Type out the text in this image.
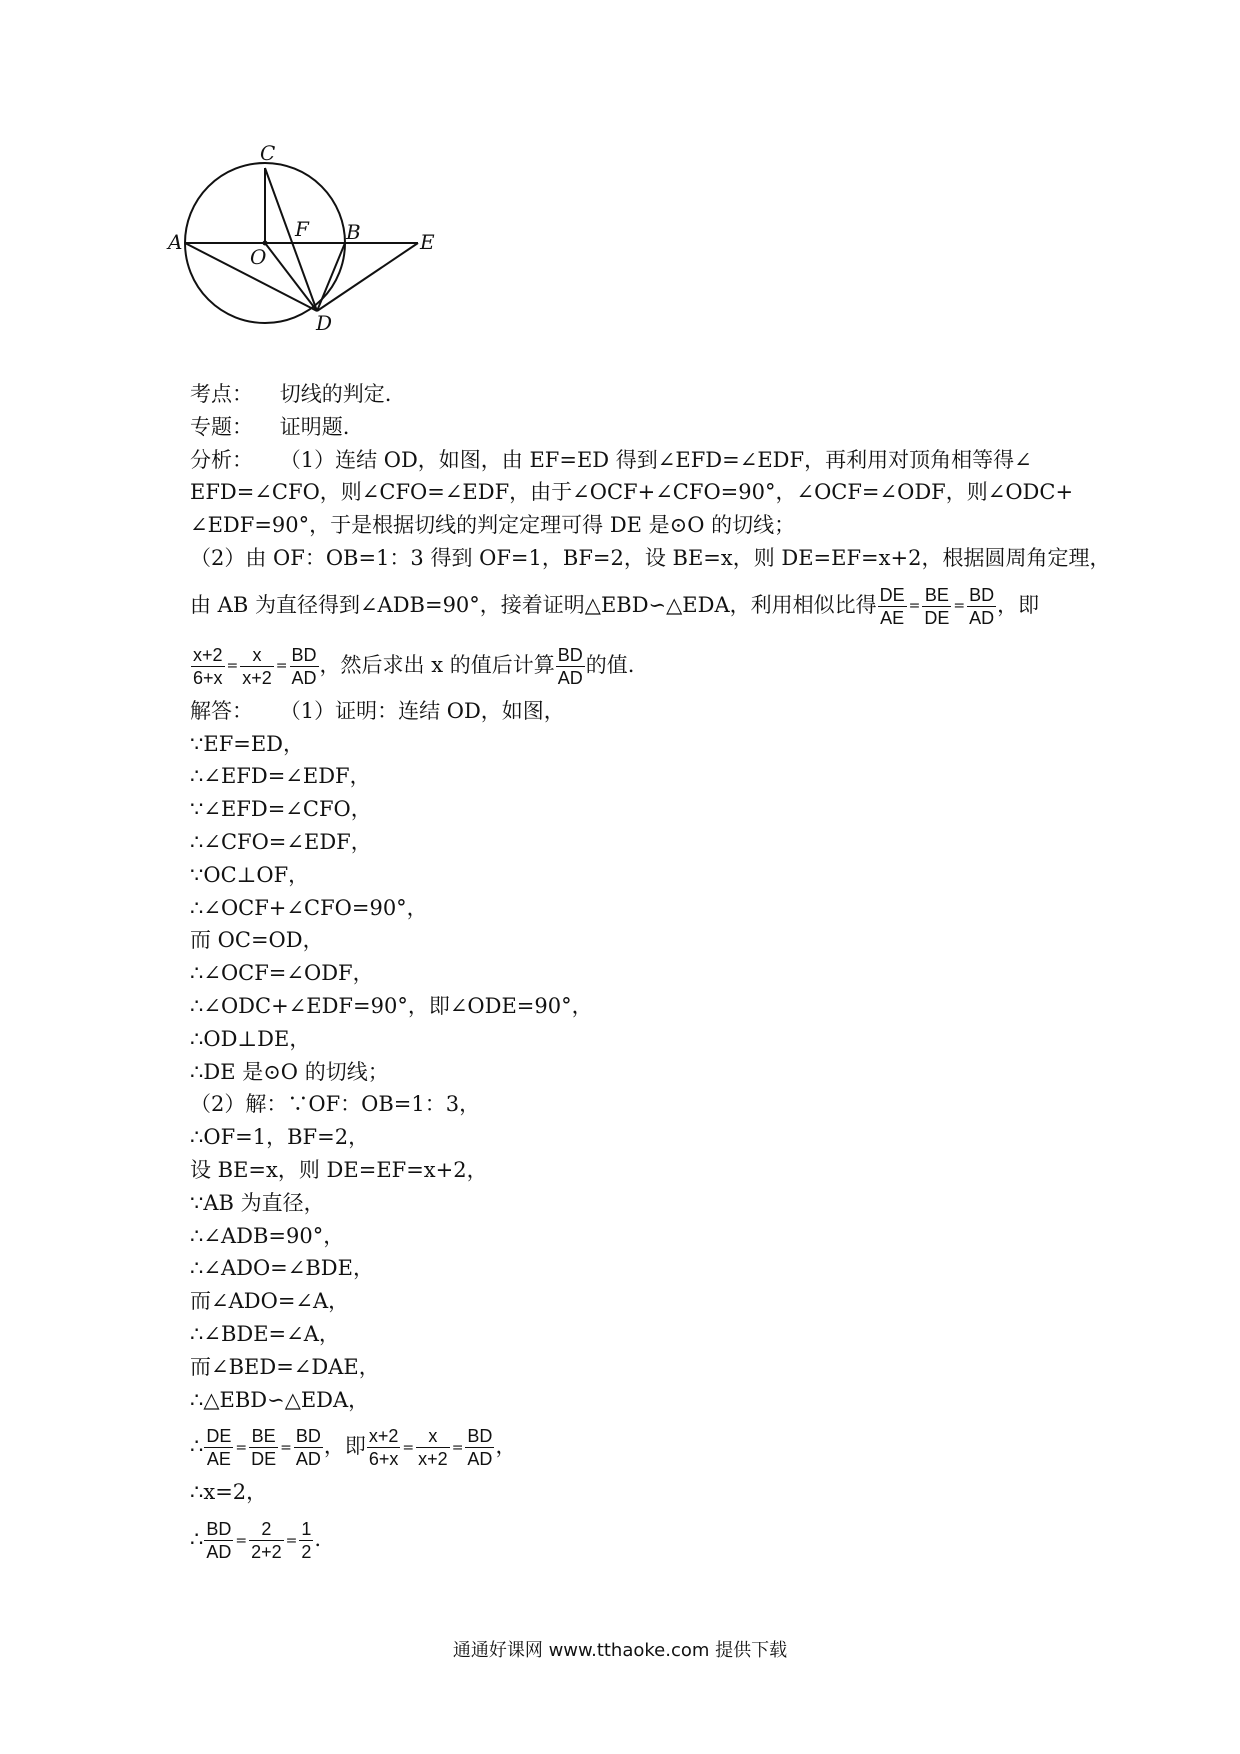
C
A
O
F B	E
D
考点： 切线的判定.
专题： 证明题.
分析： （1）连结 OD，如图，由 EF=ED 得到∠EFD=∠EDF，再利用对顶角相等得∠
EFD=∠CFO，则∠CFO=∠EDF，由于∠OCF+∠CFO=90°，∠OCF=∠ODF，则∠ODC+
∠EDF=90°，于是根据切线的判定定理可得 DE 是⊙O 的切线；
（2）由 OF：OB=1：3 得到 OF=1，BF=2，设 BE=x，则 DE=EF=x+2，根据圆周角定理，
由 AB 为直径得到∠ADB=90°，接着证明△EBD∽△EDA，利用相似比得 $\frac{DE}{AE} = \frac{BE}{DE} = \frac{BD}{AD}$ ，即
$\frac{x+2}{6+x} = \frac{x}{x+2} = \frac{BD}{AD}$ ，然后求出 x 的值后计算 $\frac{BD}{AD}$ 的值.
解答： （1）证明：连结 OD，如图，
∵EF=ED，
∴∠EFD=∠EDF，
∵∠EFD=∠CFO，
∴∠CFO=∠EDF，
∵OC⊥OF，
∴∠OCF+∠CFO=90°，
而 OC=OD，
∴∠OCF=∠ODF，
∴∠ODC+∠EDF=90°，即∠ODE=90°，
∴OD⊥DE，
∴DE 是⊙O 的切线；
（2）解：∵OF：OB=1：3，
∴OF=1，BF=2，
设 BE=x，则 DE=EF=x+2，
∵AB 为直径，
∴∠ADB=90°，
∴∠ADO=∠BDE，
而∠ADO=∠A，
∴∠BDE=∠A，
而∠BED=∠DAE，
∴△EBD∽△EDA，
∴ $\frac{DE}{AE} = \frac{BE}{DE} = \frac{BD}{AD}$ ，即 $\frac{x+2}{6+x} = \frac{x}{x+2} = \frac{BD}{AD}$ ，
∴x=2，
∴ $\frac{BD}{AD} = \frac{2}{2+2} = \frac{1}{2}$ .
通通好课网 www.tthaoke.com 提供下载
